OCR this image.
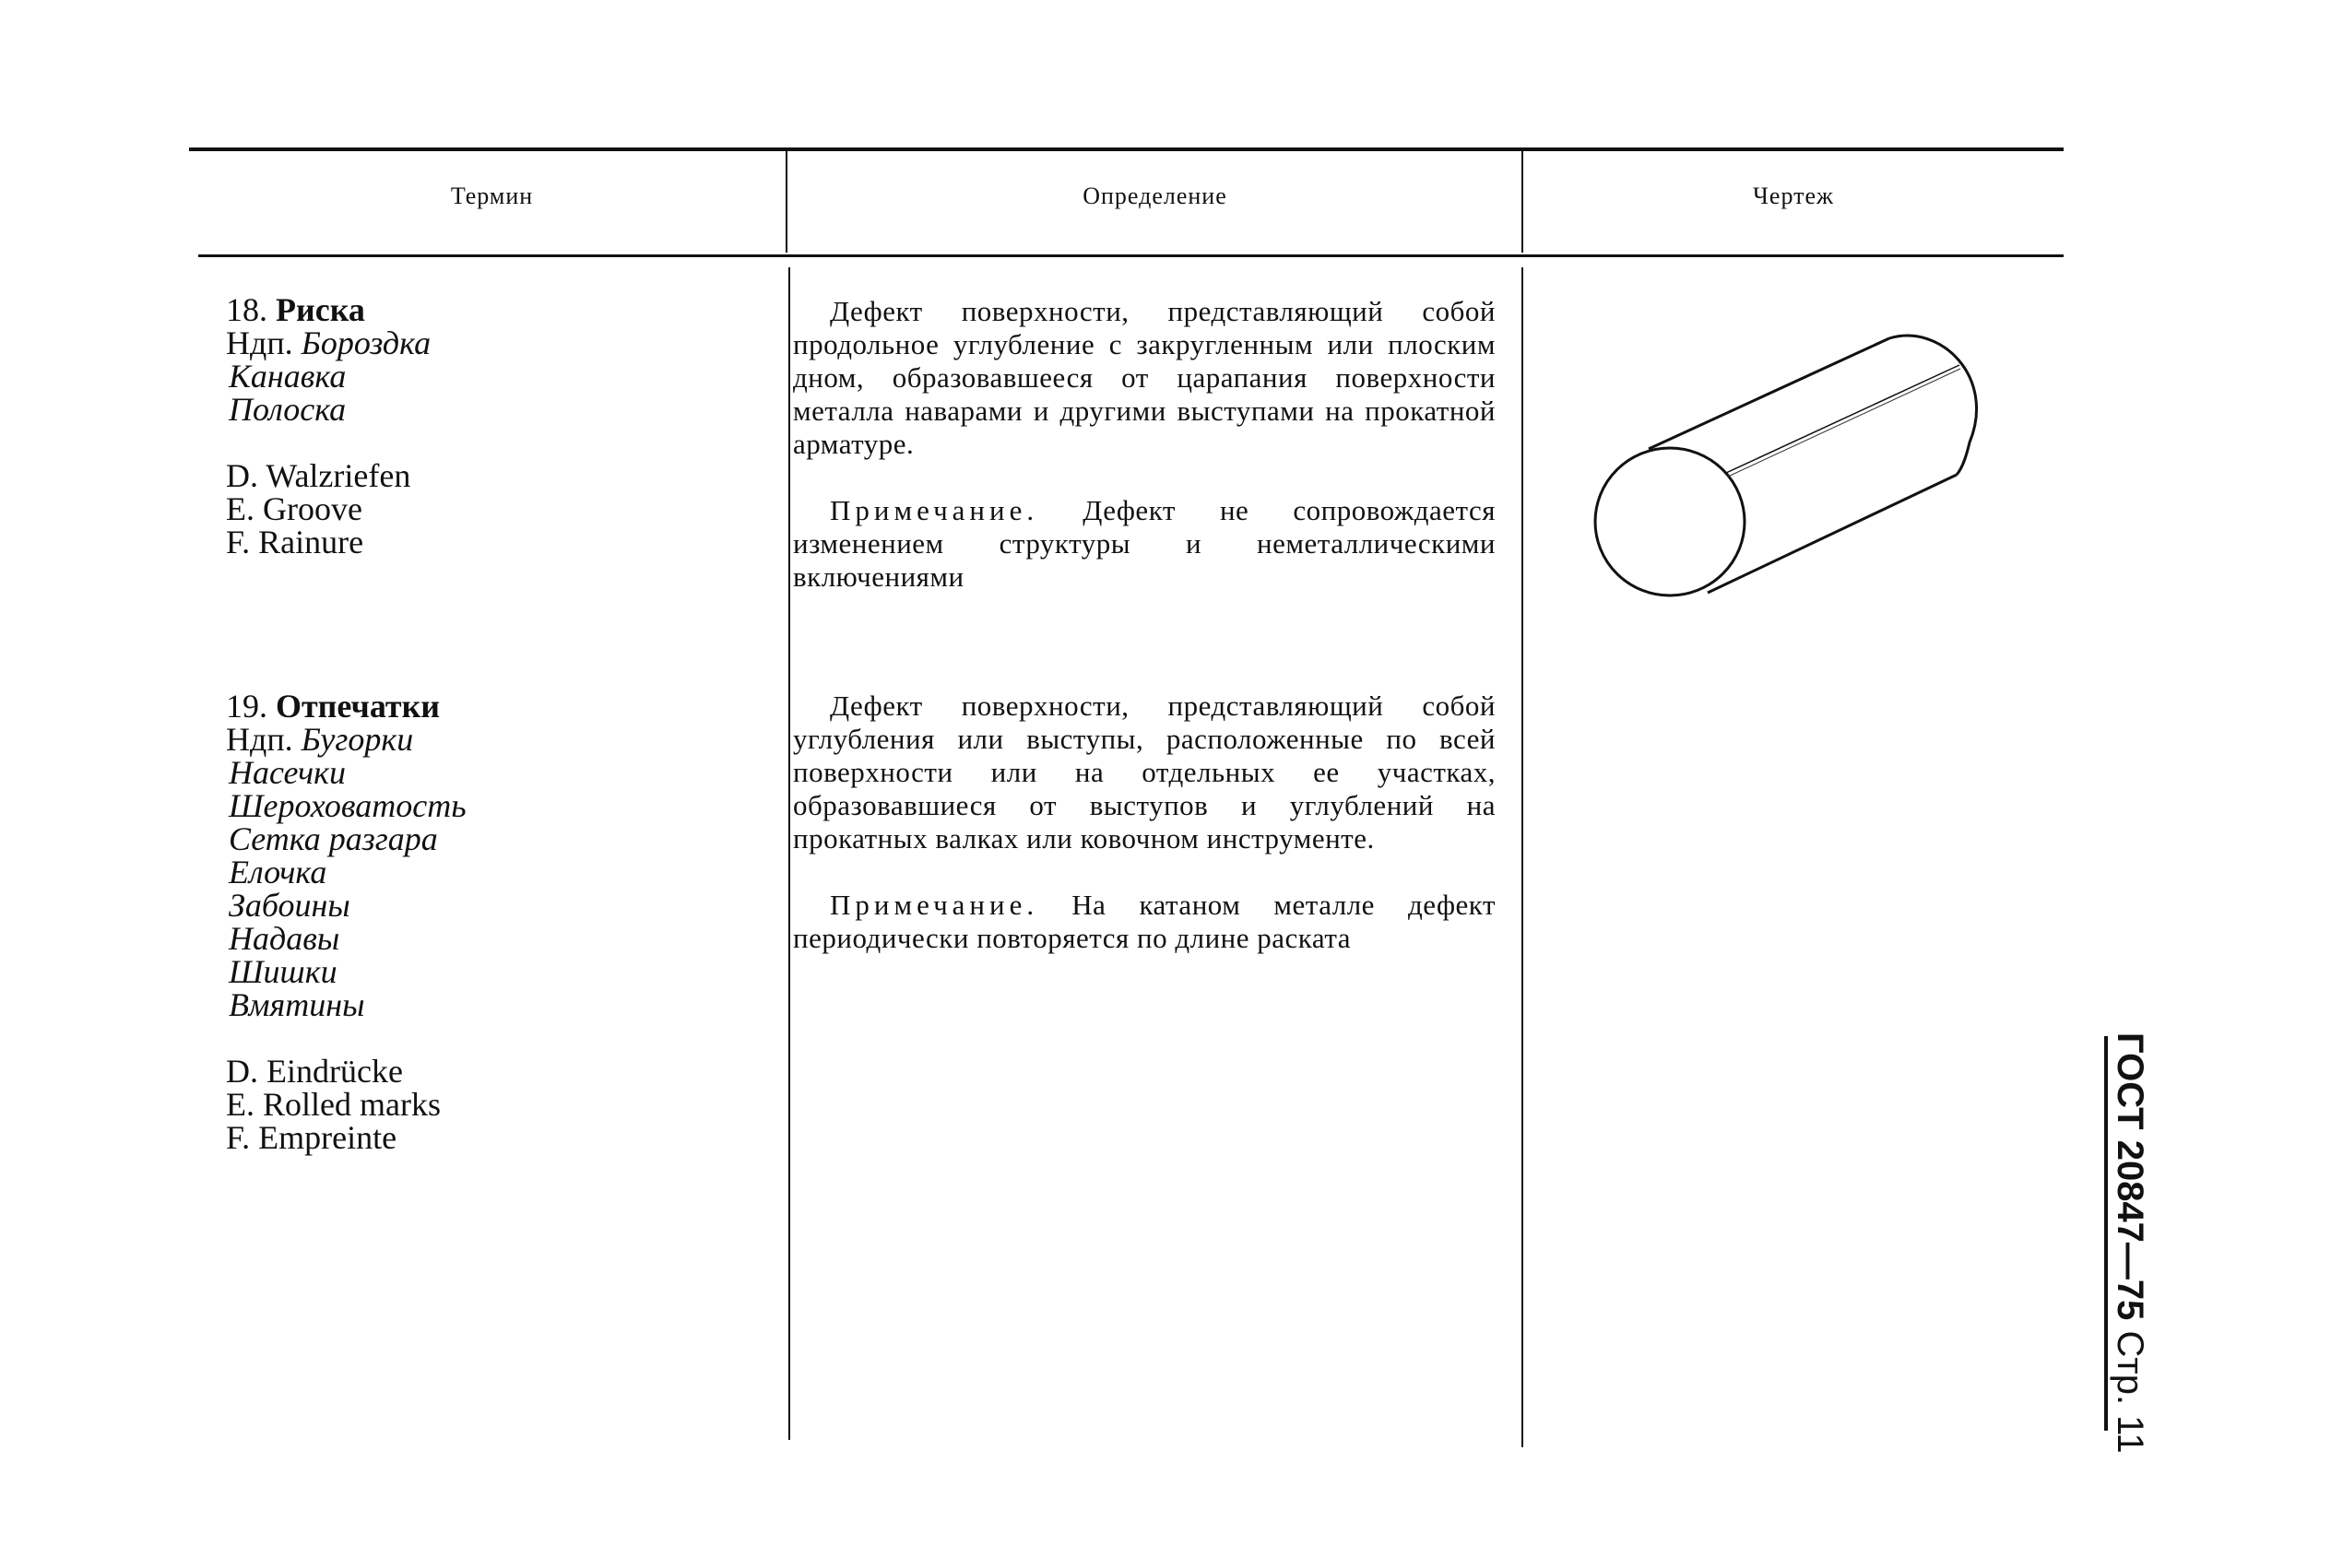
Термин	Определение	Чертеж
18. Риска
Ндп. Бороздка
Канавка
Полоска
D. Walzriefen
E. Groove
F. Rainure
19. Отпечатки
Ндп. Бугорки
Насечки
Шероховатость
Сетка разгара
Елочка
Забоины
Надавы
Шишки
Вмятины
D. Eindrücke
E. Rolled marks
F. Empreinte

Дефект поверхности, представляющий собой продольное углубление с закругленным или плоским дном, образовавшееся от царапания поверхности металла наварами и другими выступами на прокатной арматуре.

Примечание. Дефект не сопровождается изменением структуры и неметаллическими включениями

Дефект поверхности, представляющий собой углубления или выступы, расположенные по всей поверхности или на отдельных ее участках, образовавшиеся от выступов и углублений на прокатных валках или ковочном инструменте.

Примечание. На катаном металле дефект периодически повторяется по длине раската

ГОСТ 20847—75 Стр. 11
